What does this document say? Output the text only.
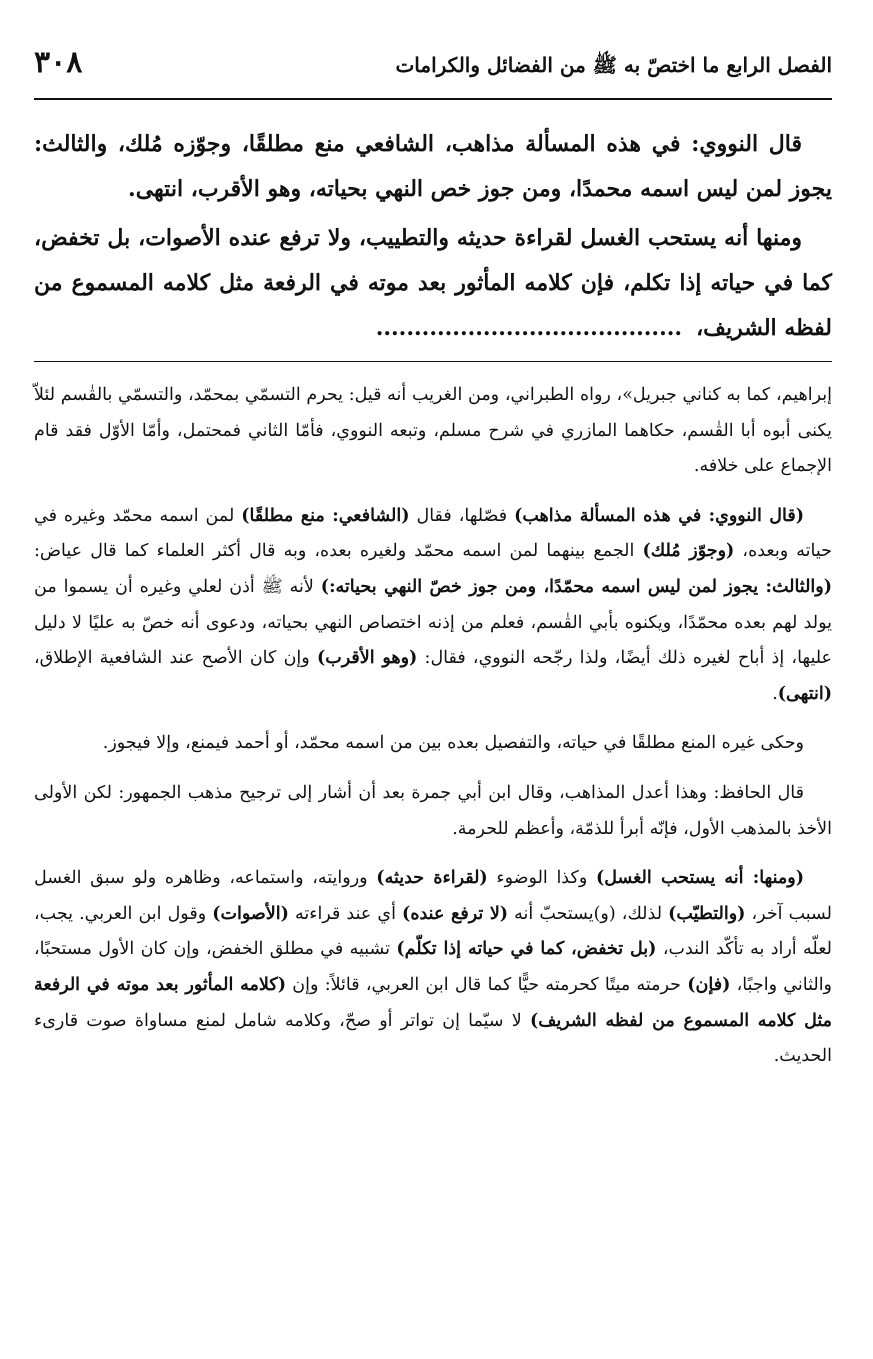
الفصل الرابع ما اختصّ به ﷺ من الفضائل والكرامات
٣٠٨

قال النووي: في هذه المسألة مذاهب، الشافعي منع مطلقًا، وجوّزه مُلك، والثالث: يجوز لمن ليس اسمه محمدًا، ومن جوز خص النهي بحياته، وهو الأقرب، انتهى.

ومنها أنه يستحب الغسل لقراءة حديثه والتطييب، ولا ترفع عنده الأصوات، بل تخفض، كما في حياته إذا تكلم، فإن كلامه المأثور بعد موته في الرفعة مثل كلامه المسموع من لفظه الشريف،........................................

إبراهيم، كما به كناني جبريل»، رواه الطبراني، ومن الغريب أنه قيل: يحرم التسمّي بمحمّد، والتسمّي بالقٰسم لئلاّ يكنى أبوه أبا القٰسم، حكاهما المازري في شرح مسلم، وتبعه النووي، فأمّا الثاني فمحتمل، وأمّا الأوّل فقد قام الإجماع على خلافه.

(قال النووي: في هذه المسألة مذاهب) فصّلها، فقال (الشافعي: منع مطلقًا) لمن اسمه محمّد وغيره في حياته وبعده، (وجوّز مُلك) الجمع بينهما لمن اسمه محمّد ولغيره بعده، وبه قال أكثر العلماء كما قال عياض: (والثالث: يجوز لمن ليس اسمه محمّدًا، ومن جوز خصّ النهي بحياته:) لأنه ﷺ أذن لعلي وغيره أن يسموا من يولد لهم بعده محمّدًا، ويكنوه بأبي القٰسم، فعلم من إذنه اختصاص النهي بحياته، ودعوى أنه خصّ به عليًا لا دليل عليها، إذ أباح لغيره ذلك أيضًا، ولذا رجّحه النووي، فقال: (وهو الأقرب) وإن كان الأصح عند الشافعية الإطلاق، (انتهى).

وحكى غيره المنع مطلقًا في حياته، والتفصيل بعده بين من اسمه محمّد، أو أحمد فيمنع، وإلا فيجوز.

قال الحافظ: وهذا أعدل المذاهب، وقال ابن أبي جمرة بعد أن أشار إلى ترجيح مذهب الجمهور: لكن الأولى الأخذ بالمذهب الأول، فإنّه أبرأ للذمّة، وأعظم للحرمة.

(ومنها: أنه يستحب الغسل) وكذا الوضوء (لقراءة حديثه) وروايته، واستماعه، وظاهره ولو سبق الغسل لسبب آخر، (والتطيّب) لذلك، (و)يستحبّ أنه (لا ترفع عنده) أي عند قراءته (الأصوات) وقول ابن العربي. يجب، لعلّه أراد به تأكّد الندب، (بل تخفض، كما في حياته إذا تكلّم) تشبيه في مطلق الخفض، وإن كان الأول مستحبًا، والثاني واجبًا، (فإن) حرمته ميتًا كحرمته حيًّا كما قال ابن العربي، قائلاً: وإن (كلامه المأثور بعد موته في الرفعة مثل كلامه المسموع من لفظه الشريف) لا سيّما إن تواتر أو صحّ، وكلامه شامل لمنع مساواة صوت قارىء الحديث.
